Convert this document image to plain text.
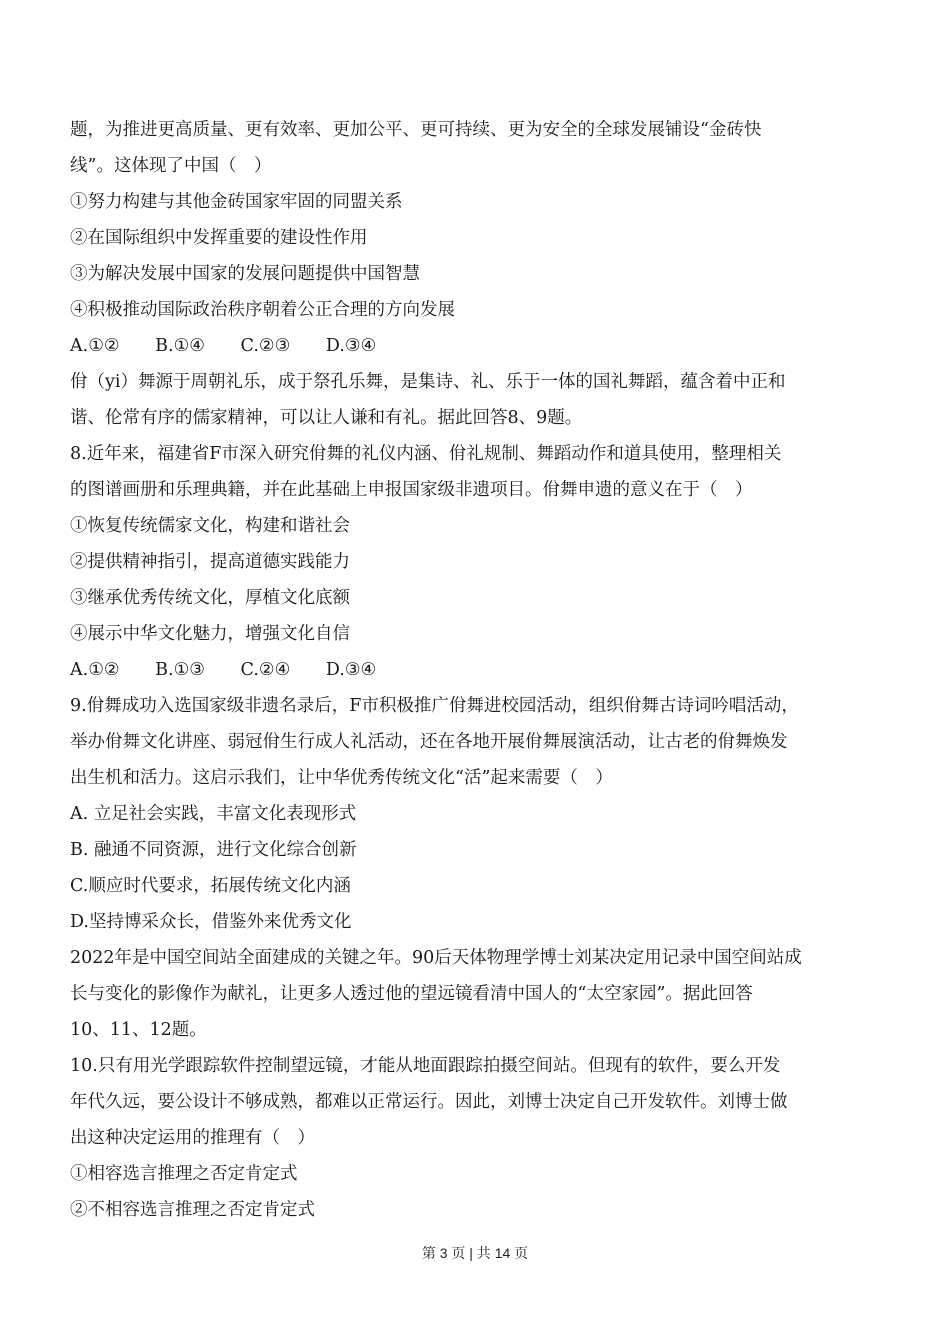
题，为推进更高质量、更有效率、更加公平、更可持续、更为安全的全球发展铺设“金砖快
线”。这体现了中国（　）
①努力构建与其他金砖国家牢固的同盟关系
②在国际组织中发挥重要的建设性作用
③为解决发展中国家的发展问题提供中国智慧
④积极推动国际政治秩序朝着公正合理的方向发展
A.①② B.①④ C.②③ D.③④
佾（yi）舞源于周朝礼乐，成于祭孔乐舞，是集诗、礼、乐于一体的国礼舞蹈，蕴含着中正和
谐、伦常有序的儒家精神，可以让人谦和有礼。据此回答8、9题。
8.近年来，福建省F市深入研究佾舞的礼仪内涵、佾礼规制、舞蹈动作和道具使用，整理相关
的图谱画册和乐理典籍，并在此基础上申报国家级非遗项目。佾舞申遗的意义在于（　）
①恢复传统儒家文化，构建和谐社会
②提供精神指引，提高道德实践能力
③继承优秀传统文化，厚植文化底额
④展示中华文化魅力，增强文化自信
A.①② B.①③ C.②④ D.③④
9.佾舞成功入选国家级非遗名录后，F市积极推广佾舞进校园活动，组织佾舞古诗词吟唱活动，
举办佾舞文化讲座、弱冠佾生行成人礼活动，还在各地开展佾舞展演活动，让古老的佾舞焕发
出生机和活力。这启示我们，让中华优秀传统文化“活”起来需要（　）
A. 立足社会实践，丰富文化表现形式
B. 融通不同资源，进行文化综合创新
C.顺应时代要求，拓展传统文化内涵
D.坚持博采众长，借鉴外来优秀文化
2022年是中国空间站全面建成的关键之年。90后天体物理学博士刘某决定用记录中国空间站成
长与变化的影像作为献礼，让更多人透过他的望远镜看清中国人的“太空家园”。据此回答
10、11、12题。
10.只有用光学跟踪软件控制望远镜，才能从地面跟踪拍摄空间站。但现有的软件，要么开发
年代久远，要公设计不够成熟，都难以正常运行。因此，刘博士决定自己开发软件。刘博士做
出这种决定运用的推理有（　）
①相容选言推理之否定肯定式
②不相容选言推理之否定肯定式
第 3 页 | 共 14 页
